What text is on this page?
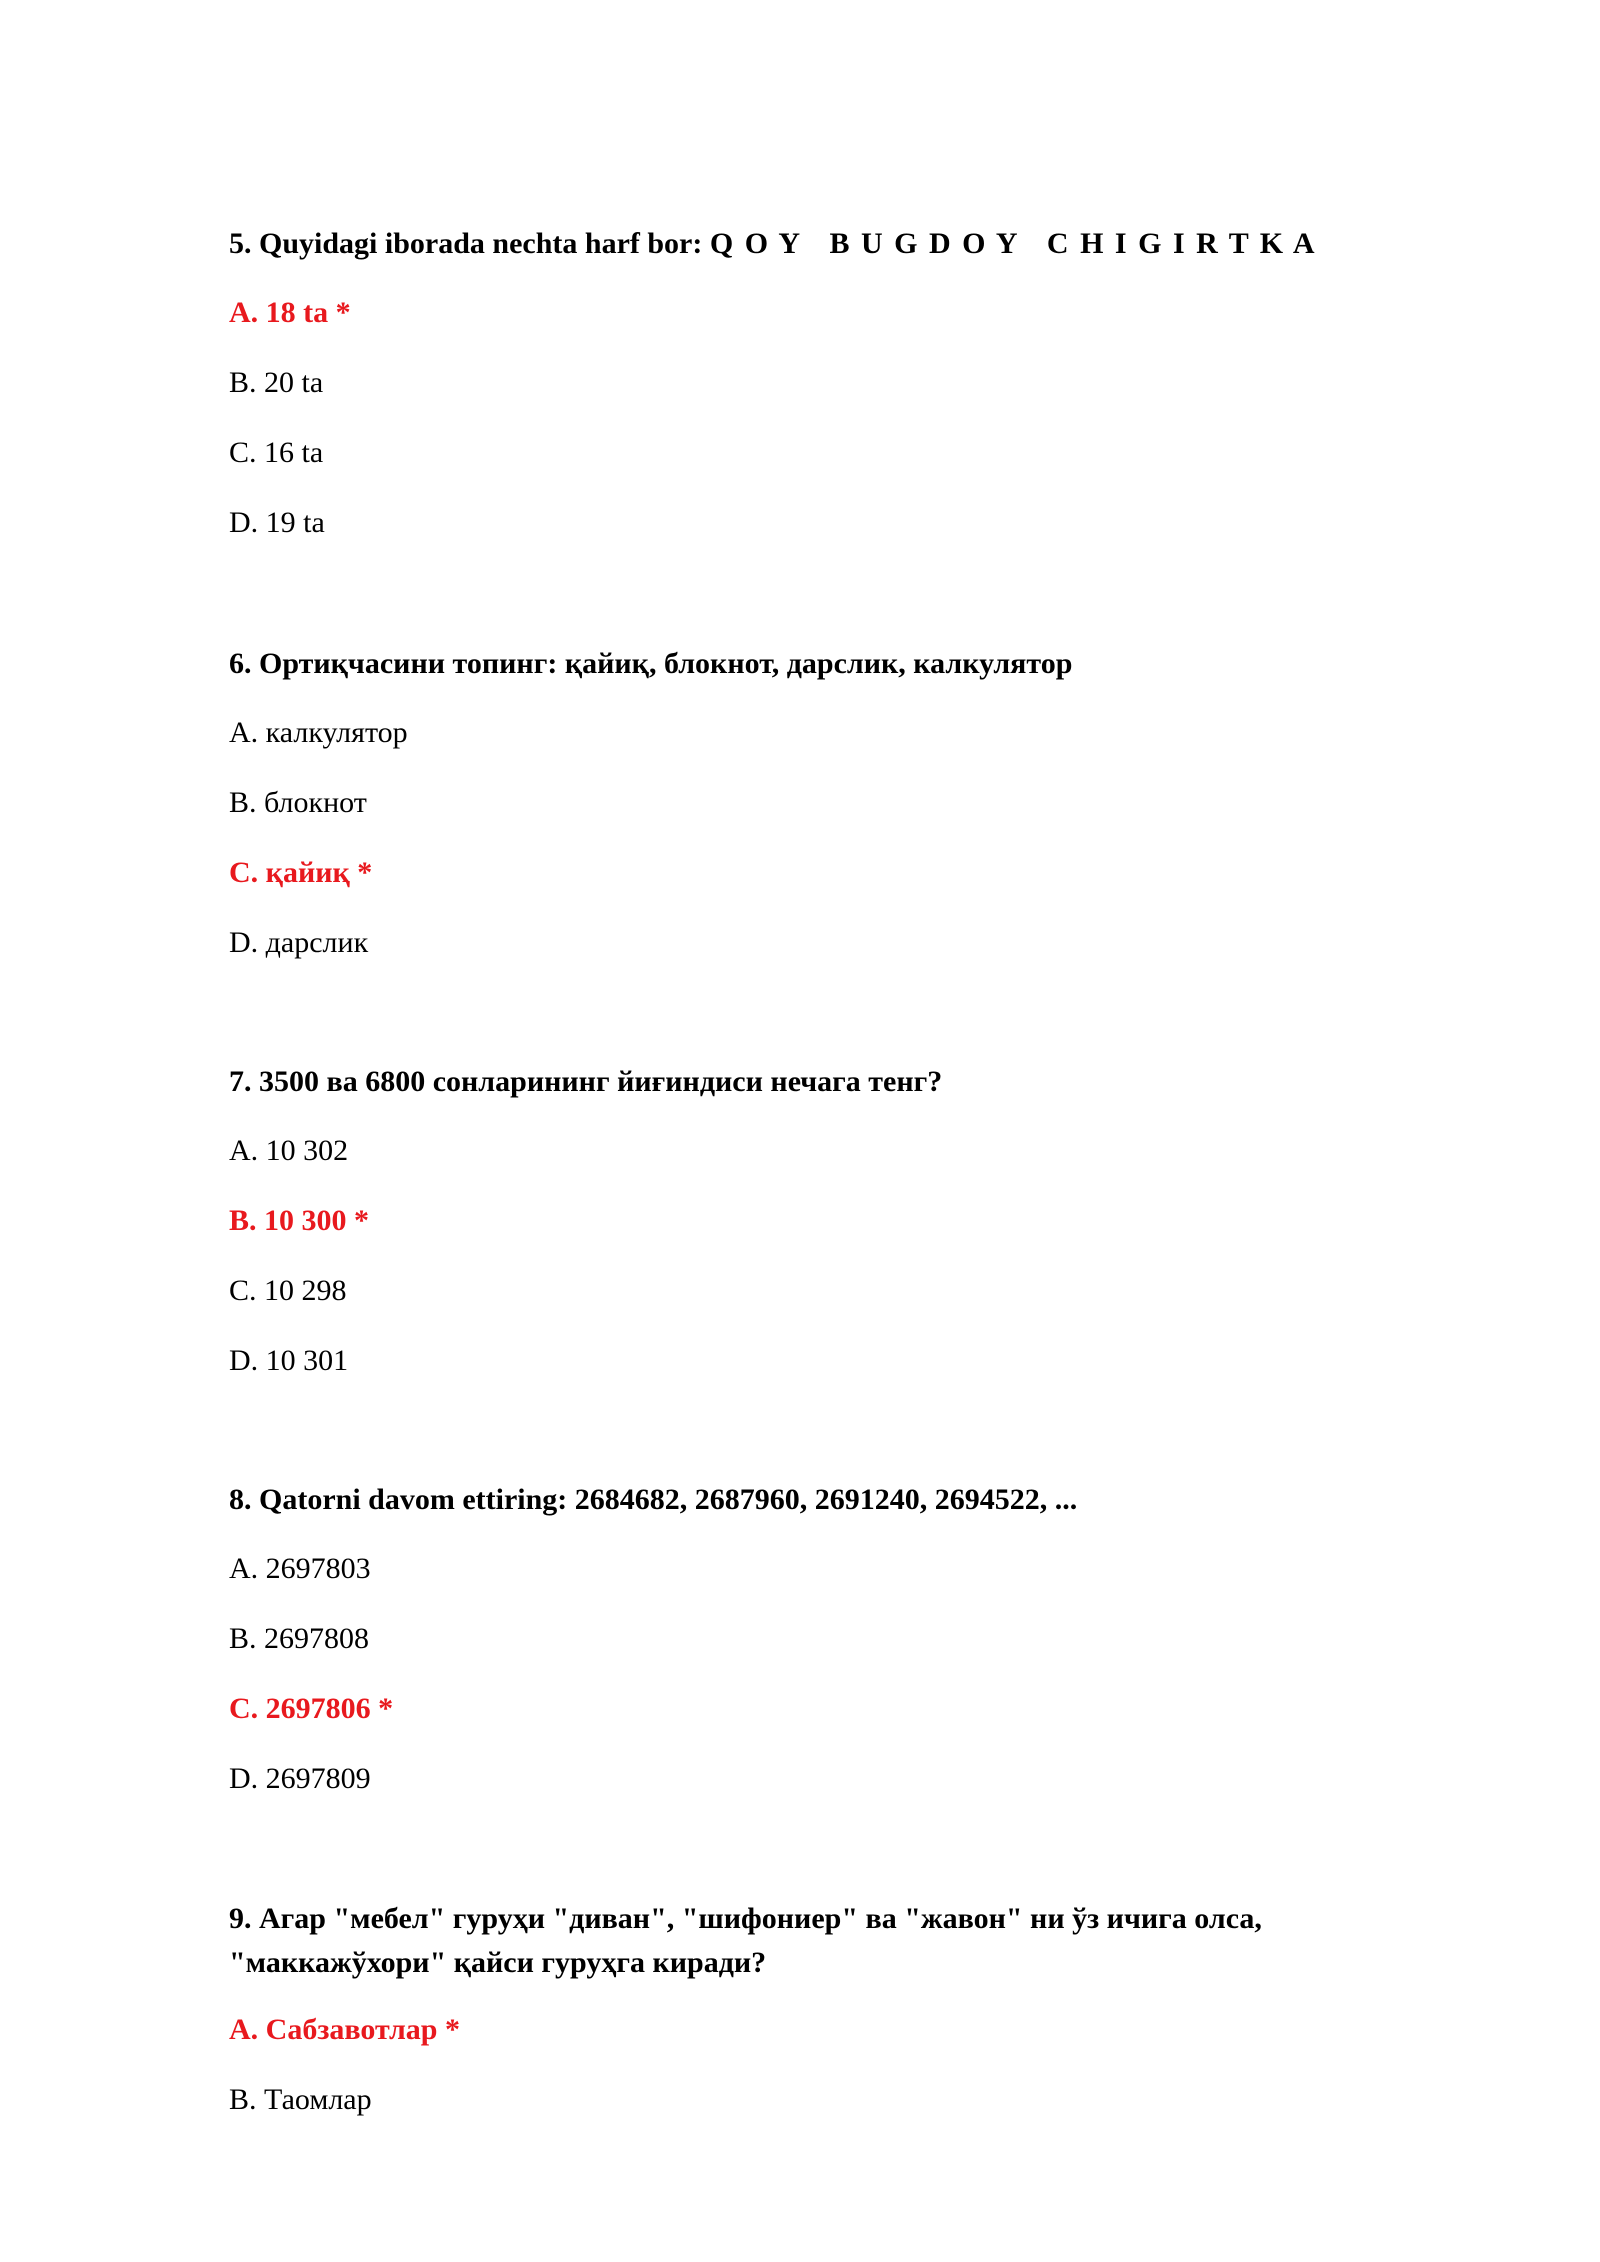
5. Quyidagi iborada nechta harf bor: Q O Y   B U G D O Y   C H I G I R T K A

A. 18 ta *
B. 20 ta
C. 16 ta
D. 19 ta

6. Ортиқчасини топинг: қайиқ, блокнот, дарслик, калкулятор

A. калкулятор
B. блокнот
C. қайиқ *
D. дарслик

7. 3500 ва 6800 сонларининг йиғиндиси нечага тенг?

A. 10 302
B. 10 300 *
C. 10 298
D. 10 301

8. Qatorni davom ettiring: 2684682, 2687960, 2691240, 2694522, ...

A. 2697803
B. 2697808
C. 2697806 *
D. 2697809

9. Агар "мебел" гуруҳи "диван", "шифониер" ва "жавон" ни ўз ичига олса, "маккажўхори" қайси гуруҳга киради?

A. Сабзавотлар *
B. Таомлар
